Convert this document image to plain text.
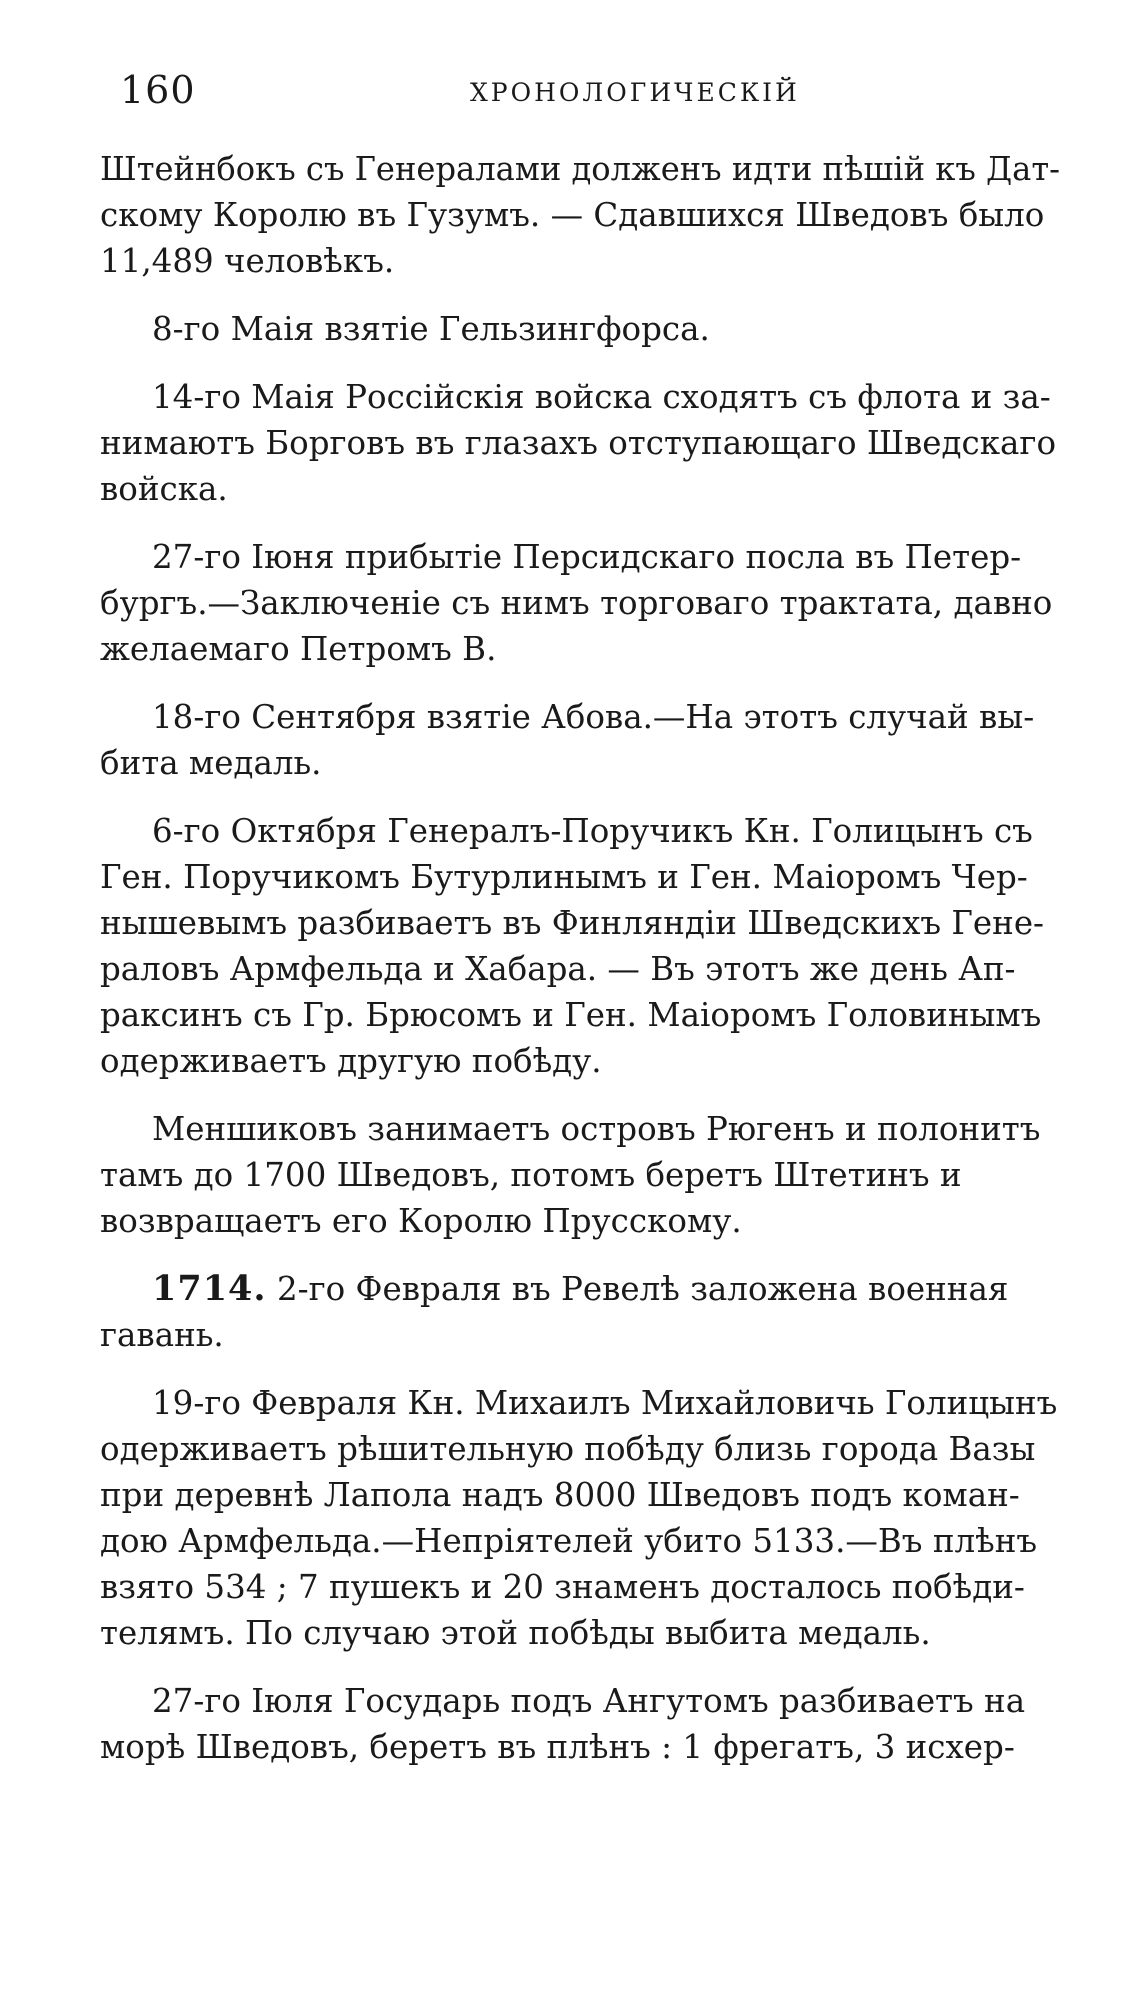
160	ХРОНОЛОГИЧЕСКIЙ

Штейнбокъ съ Генералами долженъ идти пѣшiй къ Дат-
скому Королю въ Гузумъ. — Сдавшихся Шведовъ было
11,489 человѣкъ.

8-го Маiя взятiе Гельзингфорса.

14-го Маiя Россiйскiя войска сходятъ съ флота и за-
нимаютъ Борговъ въ глазахъ отступающаго Шведскаго
войска.

27-го Iюня прибытiе Персидскаго посла въ Петер-
бургъ.—Заключенiе съ нимъ торговаго трактата, давно
желаемаго Петромъ В.

18-го Сентября взятiе Абова.—На этотъ случай вы-
бита медаль.

6-го Октября Генералъ-Поручикъ Кн. Голицынъ съ
Ген. Поручикомъ Бутурлинымъ и Ген. Маiоромъ Чер-
нышевымъ разбиваетъ въ Финляндiи Шведскихъ Гене-
раловъ Армфельда и Хабара. — Въ этотъ же день Ап-
раксинъ съ Гр. Брюсомъ и Ген. Маiоромъ Головинымъ
одерживаетъ другую побѣду.

Меншиковъ занимаетъ островъ Рюгенъ и полонитъ
тамъ до 1700 Шведовъ, потомъ беретъ Штетинъ и
возвращаетъ его Королю Прусскому.

1714. 2-го Февраля въ Ревелѣ заложена военная
гавань.

19-го Февраля Кн. Михаилъ Михайловичь Голицынъ
одерживаетъ рѣшительную побѣду близь города Вазы
при деревнѣ Лапола надъ 8000 Шведовъ подъ коман-
дою Армфельда.—Непрiятелей убито 5133.—Въ плѣнъ
взято 534 ; 7 пушекъ и 20 знаменъ досталось побѣди-
телямъ. По случаю этой побѣды выбита медаль.

27-го Iюля Государь подъ Ангутомъ разбиваетъ на
морѣ Шведовъ, беретъ въ плѣнъ : 1 фрегатъ, 3 исхер-
